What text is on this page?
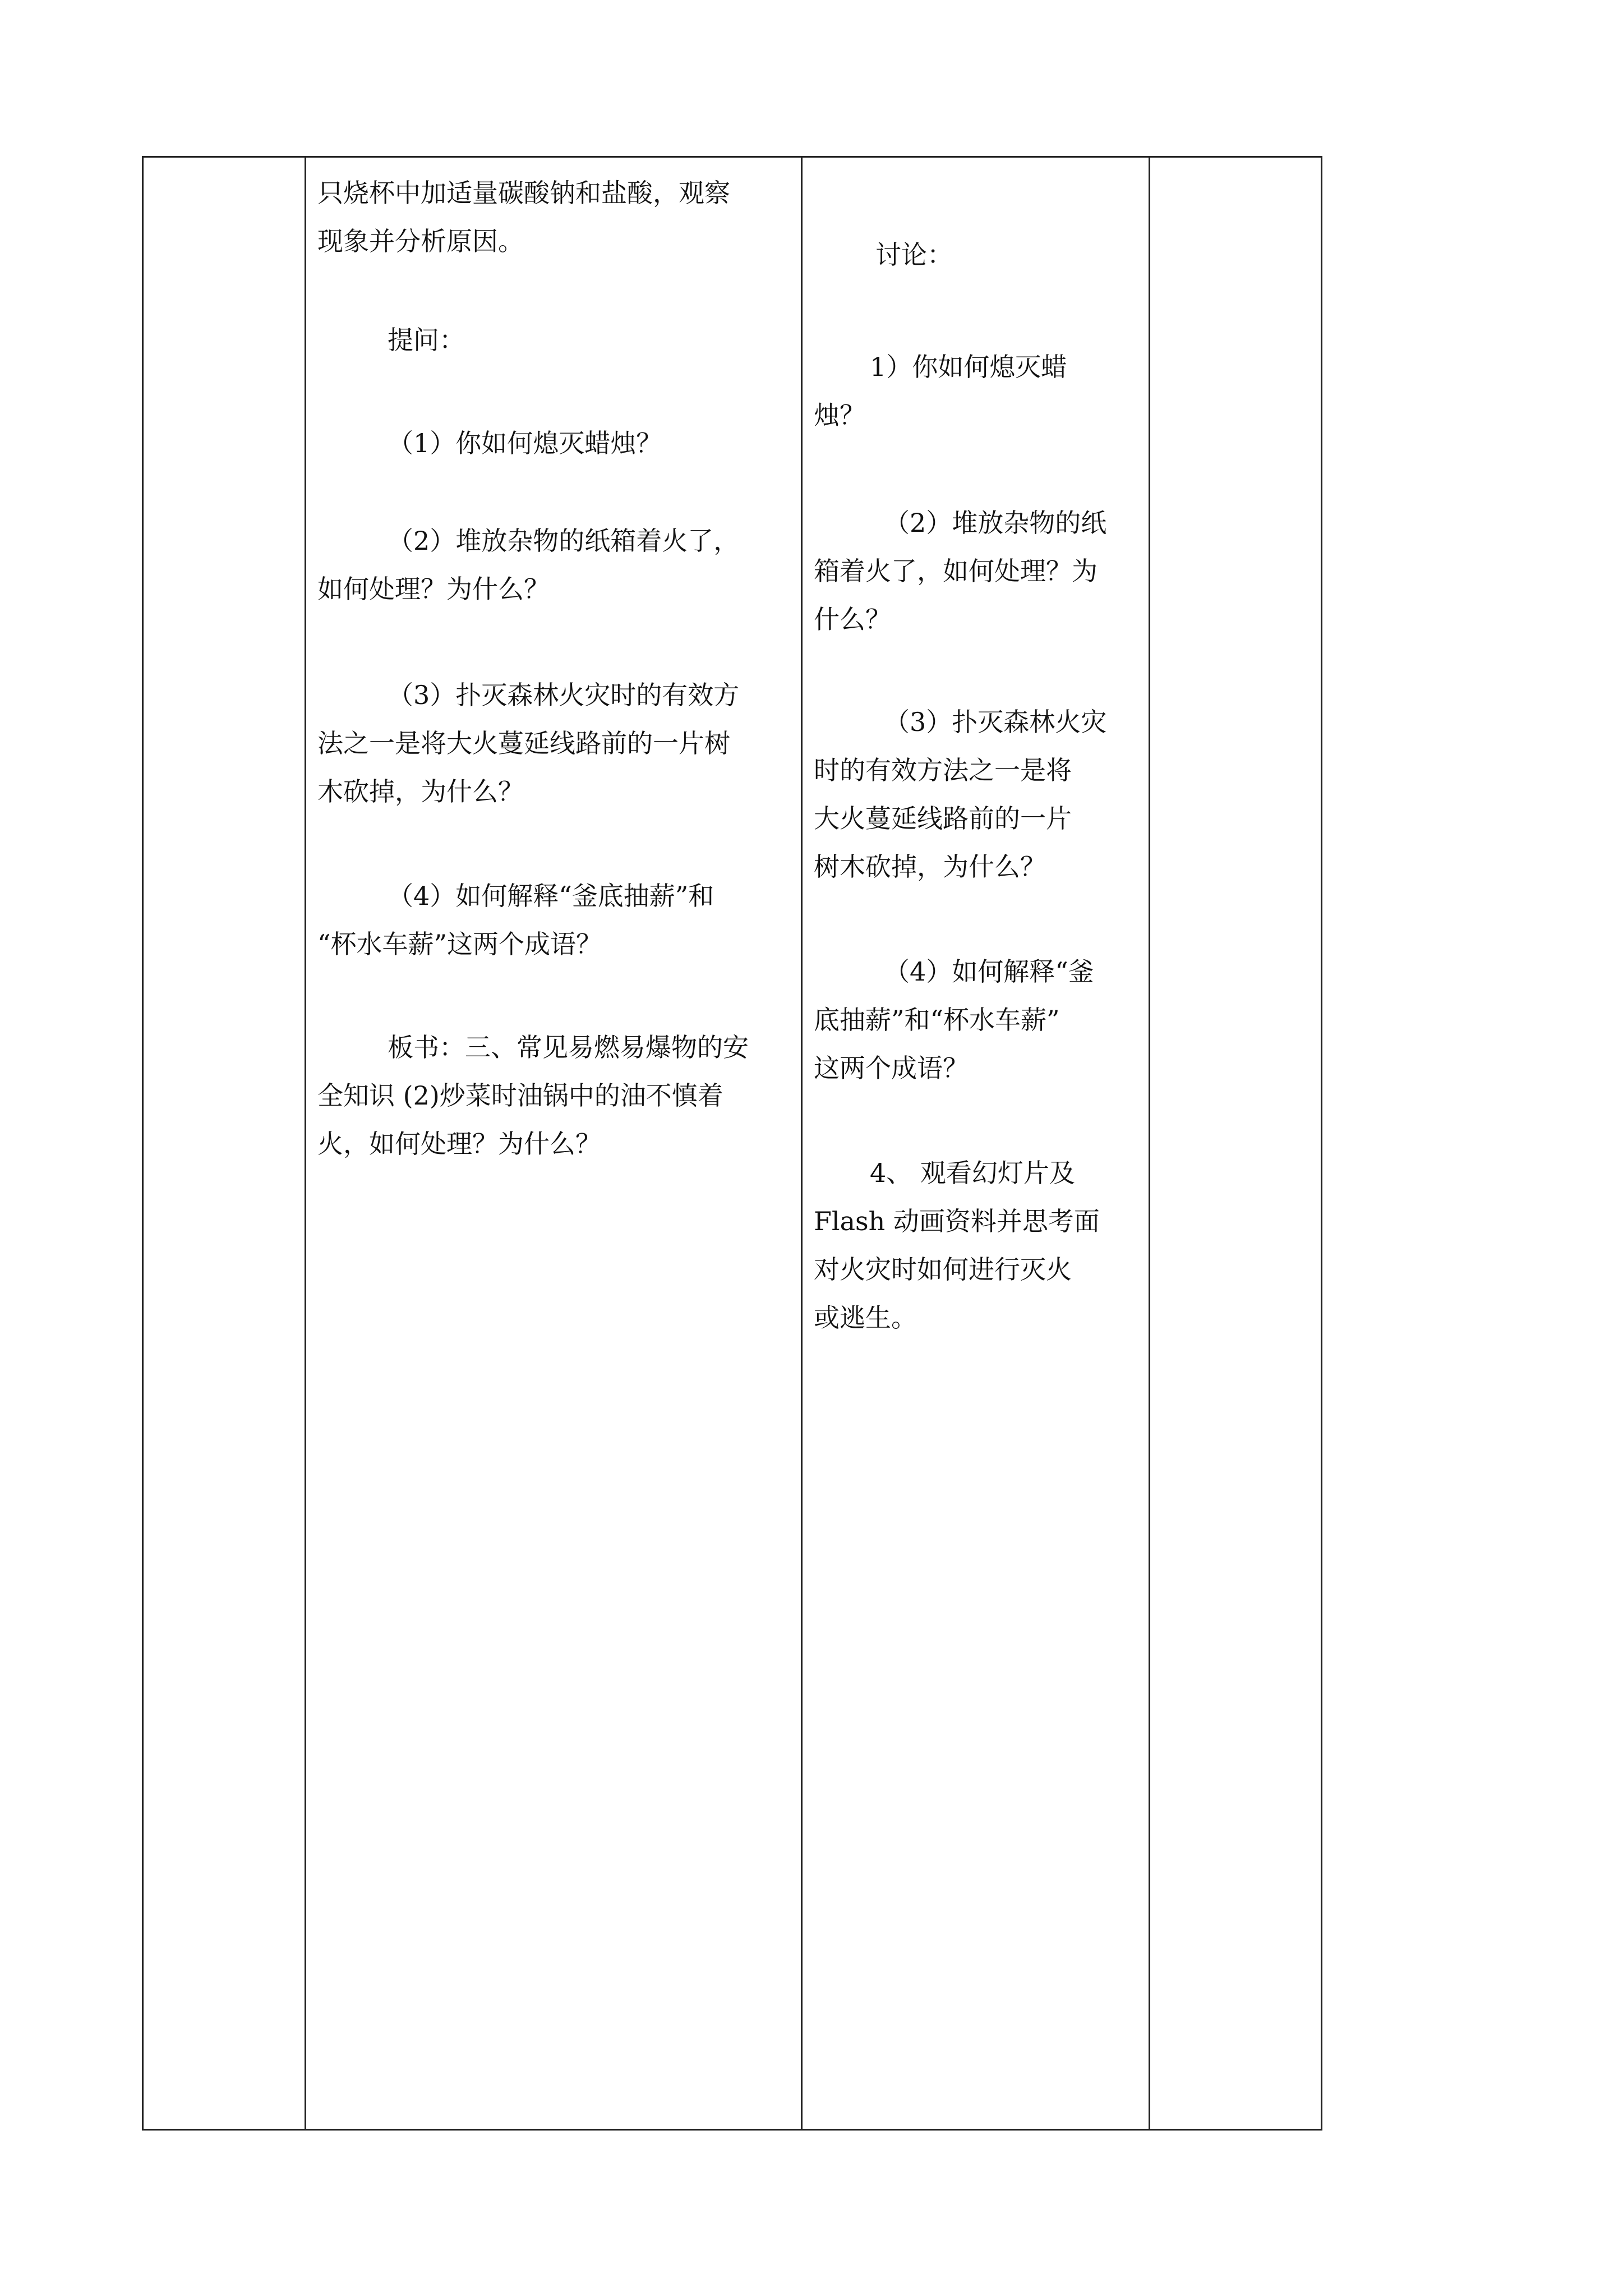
只烧杯中加适量碳酸钠和盐酸，观察
现象并分析原因。
提问：
（1）你如何熄灭蜡烛？
（2）堆放杂物的纸箱着火了，
如何处理？为什么？
（3）扑灭森林火灾时的有效方
法之一是将大火蔓延线路前的一片树
木砍掉，为什么？
（4）如何解释“釜底抽薪”和
“杯水车薪”这两个成语？
板书：三、常见易燃易爆物的安
全知识 (2)炒菜时油锅中的油不慎着
火，如何处理？为什么？
讨论：
1）你如何熄灭蜡
烛？
（2）堆放杂物的纸
箱着火了，如何处理？为
什么？
（3）扑灭森林火灾
时的有效方法之一是将
大火蔓延线路前的一片
树木砍掉，为什么？
（4）如何解释“釜
底抽薪”和“杯水车薪”
这两个成语？
4、 观看幻灯片及
Flash 动画资料并思考面
对火灾时如何进行灭火
或逃生。
